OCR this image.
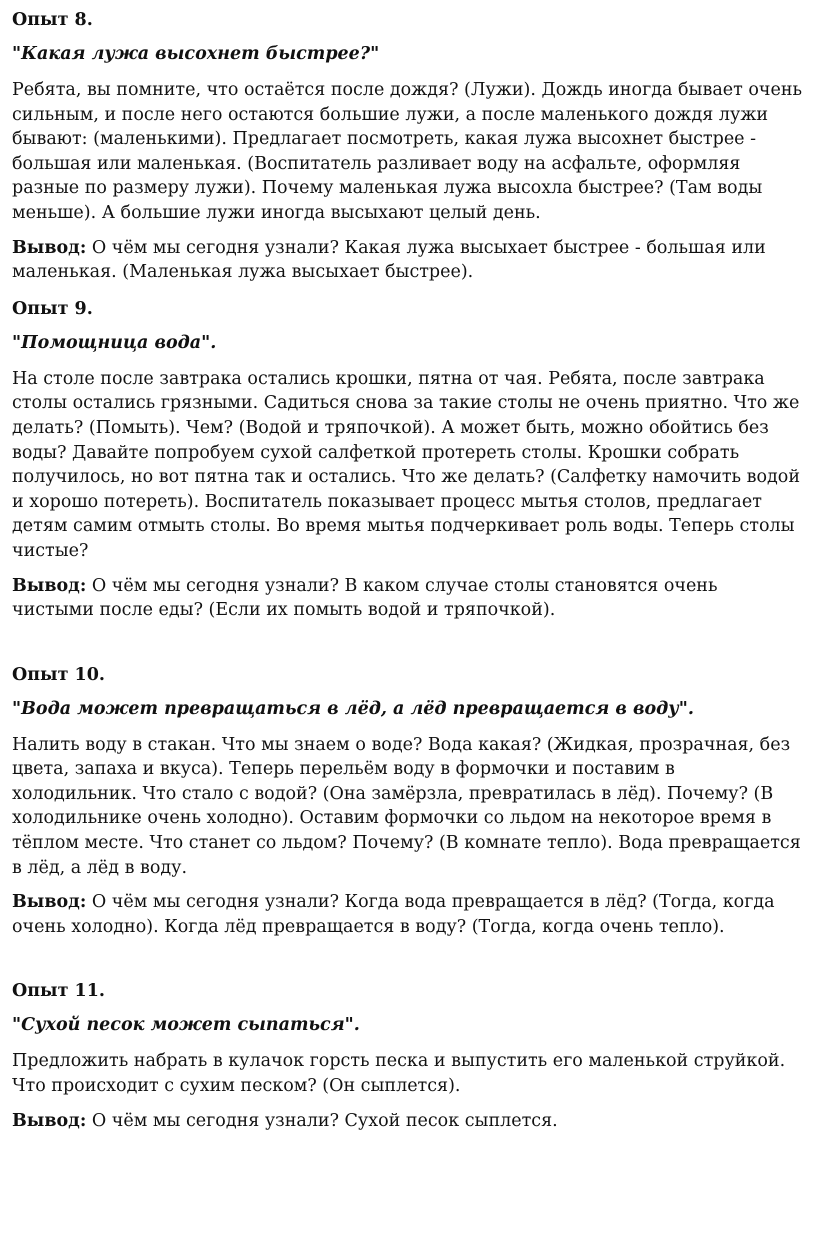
Опыт 8.
"Какая лужа высохнет быстрее?"
Ребята, вы помните, что остаётся после дождя? (Лужи). Дождь иногда бывает очень сильным, и после него остаются большие лужи, а после маленького дождя лужи бывают: (маленькими). Предлагает посмотреть, какая лужа высохнет быстрее - большая или маленькая. (Воспитатель разливает воду на асфальте, оформляя разные по размеру лужи). Почему маленькая лужа высохла быстрее? (Там воды меньше). А большие лужи иногда высыхают целый день.
Вывод: О чём мы сегодня узнали? Какая лужа высыхает быстрее - большая или маленькая. (Маленькая лужа высыхает быстрее).
Опыт 9.
"Помощница вода".
На столе после завтрака остались крошки, пятна от чая. Ребята, после завтрака столы остались грязными. Садиться снова за такие столы не очень приятно. Что же делать? (Помыть). Чем? (Водой и тряпочкой). А может быть, можно обойтись без воды? Давайте попробуем сухой салфеткой протереть столы. Крошки собрать получилось, но вот пятна так и остались. Что же делать? (Салфетку намочить водой и хорошо потереть). Воспитатель показывает процесс мытья столов, предлагает детям самим отмыть столы. Во время мытья подчеркивает роль воды. Теперь столы чистые?
Вывод: О чём мы сегодня узнали? В каком случае столы становятся очень чистыми после еды? (Если их помыть водой и тряпочкой).
Опыт 10.
"Вода может превращаться в лёд, а лёд превращается в воду".
Налить воду в стакан. Что мы знаем о воде? Вода какая? (Жидкая, прозрачная, без цвета, запаха и вкуса). Теперь перельём воду в формочки и поставим в холодильник. Что стало с водой? (Она замёрзла, превратилась в лёд). Почему? (В холодильнике очень холодно). Оставим формочки со льдом на некоторое время в тёплом месте. Что станет со льдом? Почему? (В комнате тепло). Вода превращается в лёд, а лёд в воду.
Вывод: О чём мы сегодня узнали? Когда вода превращается в лёд? (Тогда, когда очень холодно). Когда лёд превращается в воду? (Тогда, когда очень тепло).
Опыт 11.
"Сухой песок может сыпаться".
Предложить набрать в кулачок горсть песка и выпустить его маленькой струйкой. Что происходит с сухим песком? (Он сыплется).
Вывод: О чём мы сегодня узнали? Сухой песок сыплется.
